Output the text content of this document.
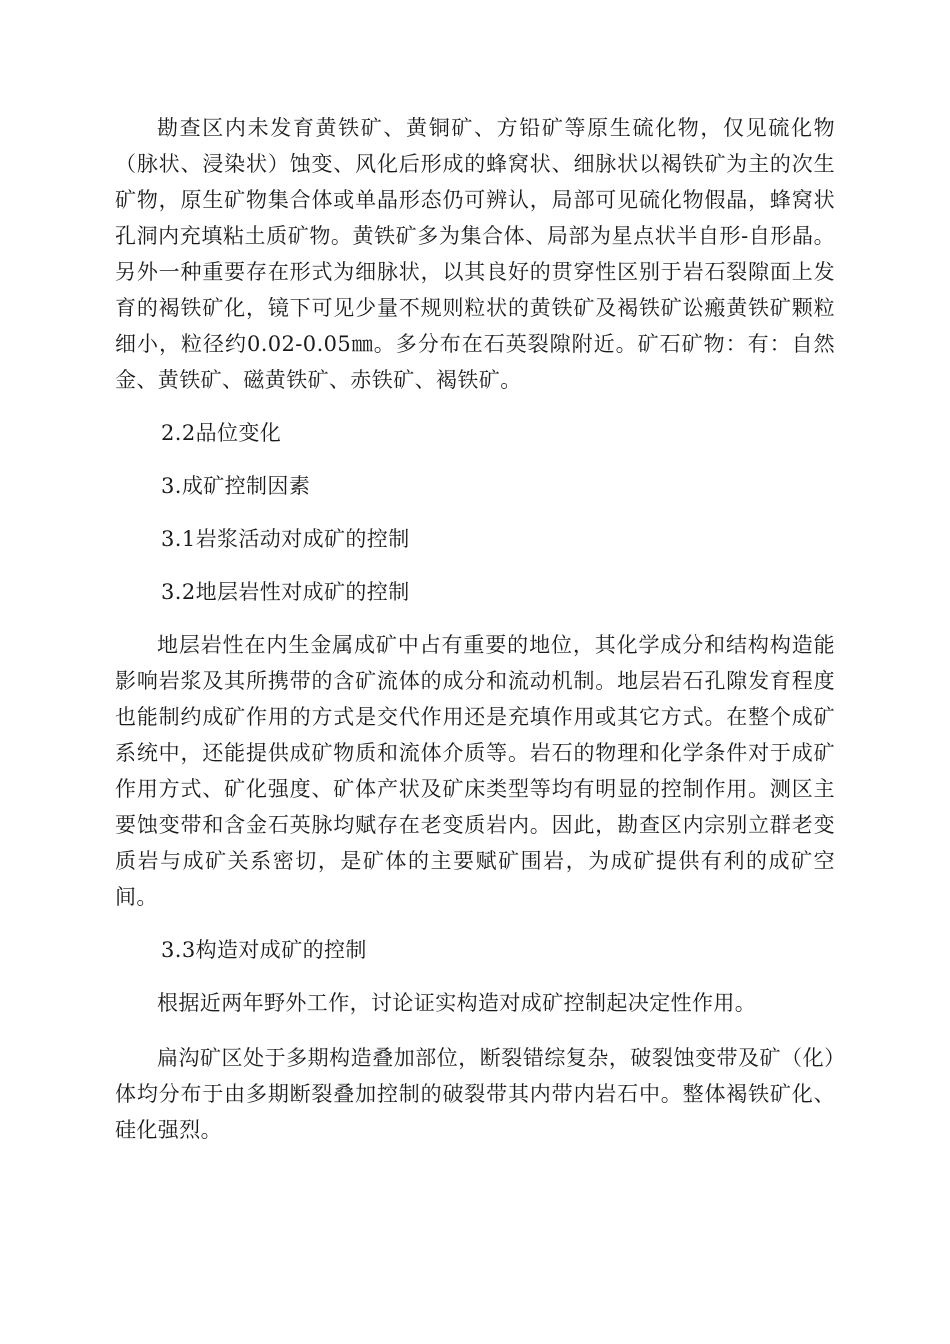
勘查区内未发育黄铁矿、黄铜矿、方铅矿等原生硫化物，仅见硫化物（脉状、浸染状）蚀变、风化后形成的蜂窝状、细脉状以褐铁矿为主的次生矿物，原生矿物集合体或单晶形态仍可辨认，局部可见硫化物假晶，蜂窝状孔洞内充填粘土质矿物。黄铁矿多为集合体、局部为星点状半自形-自形晶。另外一种重要存在形式为细脉状，以其良好的贯穿性区别于岩石裂隙面上发育的褐铁矿化，镜下可见少量不规则粒状的黄铁矿及褐铁矿讼瘢黄铁矿颗粒细小，粒径约0.02-0.05㎜。多分布在石英裂隙附近。矿石矿物：有：自然金、黄铁矿、磁黄铁矿、赤铁矿、褐铁矿。

2.2品位变化

3.成矿控制因素

3.1岩浆活动对成矿的控制

3.2地层岩性对成矿的控制

地层岩性在内生金属成矿中占有重要的地位，其化学成分和结构构造能影响岩浆及其所携带的含矿流体的成分和流动机制。地层岩石孔隙发育程度也能制约成矿作用的方式是交代作用还是充填作用或其它方式。在整个成矿系统中，还能提供成矿物质和流体介质等。岩石的物理和化学条件对于成矿作用方式、矿化强度、矿体产状及矿床类型等均有明显的控制作用。测区主要蚀变带和含金石英脉均赋存在老变质岩内。因此，勘查区内宗别立群老变质岩与成矿关系密切，是矿体的主要赋矿围岩，为成矿提供有利的成矿空间。

3.3构造对成矿的控制

根据近两年野外工作，讨论证实构造对成矿控制起决定性作用。

扁沟矿区处于多期构造叠加部位，断裂错综复杂，破裂蚀变带及矿（化）体均分布于由多期断裂叠加控制的破裂带其内带内岩石中。整体褐铁矿化、硅化强烈。
